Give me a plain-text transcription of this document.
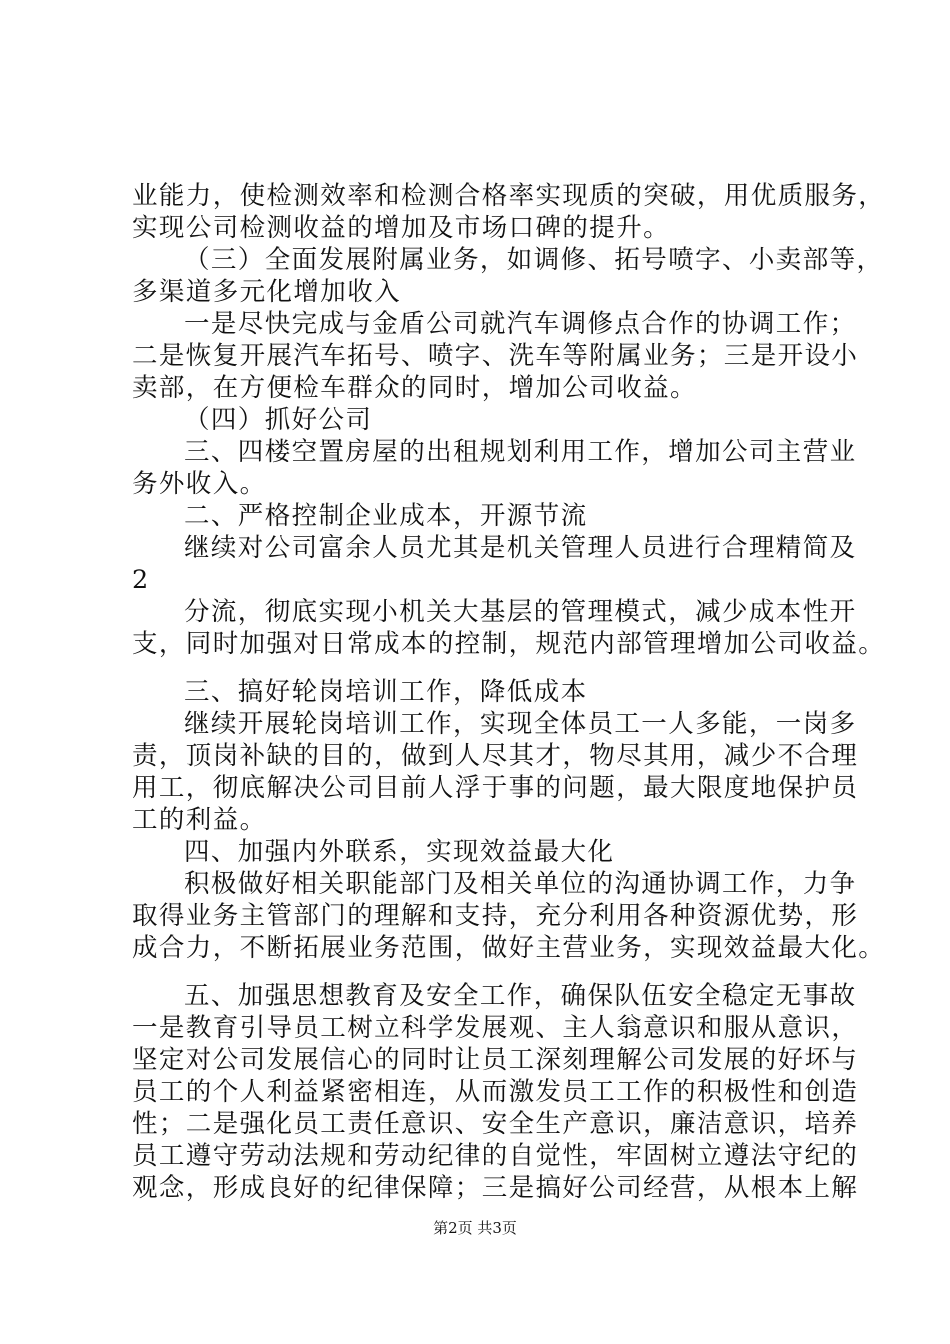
业能力，使检测效率和检测合格率实现质的突破，用优质服务，

实现公司检测收益的增加及市场口碑的提升。

（三）全面发展附属业务，如调修、拓号喷字、小卖部等，

多渠道多元化增加收入

一是尽快完成与金盾公司就汽车调修点合作的协调工作；

二是恢复开展汽车拓号、喷字、洗车等附属业务；三是开设小

卖部，在方便检车群众的同时，增加公司收益。

（四）抓好公司

三、四楼空置房屋的出租规划利用工作，增加公司主营业

务外收入。

二、严格控制企业成本，开源节流

继续对公司富余人员尤其是机关管理人员进行合理精简及

2

分流，彻底实现小机关大基层的管理模式，减少成本性开

支，同时加强对日常成本的控制，规范内部管理增加公司收益。

三、搞好轮岗培训工作，降低成本

继续开展轮岗培训工作，实现全体员工一人多能，一岗多

责，顶岗补缺的目的，做到人尽其才，物尽其用，减少不合理

用工，彻底解决公司目前人浮于事的问题，最大限度地保护员

工的利益。

四、加强内外联系，实现效益最大化

积极做好相关职能部门及相关单位的沟通协调工作，力争

取得业务主管部门的理解和支持，充分利用各种资源优势，形

成合力，不断拓展业务范围，做好主营业务，实现效益最大化。

五、加强思想教育及安全工作，确保队伍安全稳定无事故

一是教育引导员工树立科学发展观、主人翁意识和服从意识，

坚定对公司发展信心的同时让员工深刻理解公司发展的好坏与

员工的个人利益紧密相连，从而激发员工工作的积极性和创造

性；二是强化员工责任意识、安全生产意识，廉洁意识，培养

员工遵守劳动法规和劳动纪律的自觉性，牢固树立遵法守纪的

观念，形成良好的纪律保障；三是搞好公司经营，从根本上解

第2页 共3页
